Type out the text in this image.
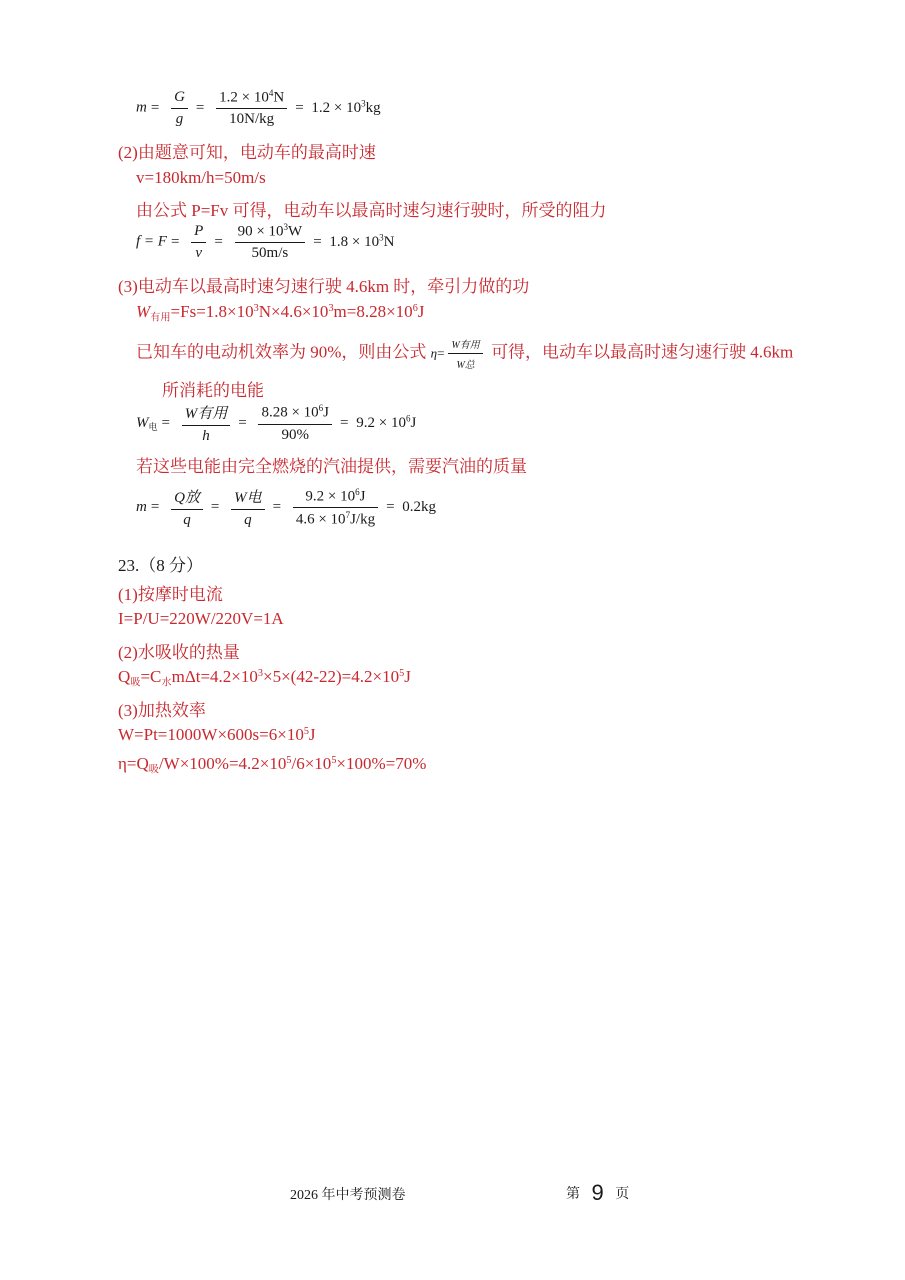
$m = \frac{G}{g} = \frac{1.2 \times 10^4N}{10N/kg} = 1.2 \times 10^3kg$
(2)由题意可知，电动车的最高时速
v=180km/h=50m/s
由公式 P=Fv 可得，电动车以最高时速匀速行驶时，所受的阻力
$f = F = \frac{P}{v} = \frac{90 \times 10^3W}{50m/s} = 1.8 \times 10^3N$
(3)电动车以最高时速匀速行驶 4.6km 时，牵引力做的功
$W_{有用}=Fs=1.8\times 10^3N\times 4.6\times 10^3m=8.28\times 10^6J$
已知车的电动机效率为 90%，则由公式 $\eta= \frac{\text{W有用}}{\text{W总}}$ 可得，电动车以最高时速匀速行驶 4.6km
所消耗的电能
$W_电 = \frac{\text{W有用}}{h} = \frac{8.28 \times 10^6J}{90\%} = 9.2 \times 10^6J$
若这些电能由完全燃烧的汽油提供，需要汽油的质量
$m = \frac{\text{Q放}}{q} = \frac{\text{W电}}{q} = \frac{9.2 \times 10^6J}{4.6 \times 10^7J/kg} = 0.2kg$
23.（8 分）
(1)按摩时电流
I=P/U=220W/220V=1A
(2)水吸收的热量
$Q_吸=C_水m\Delta t=4.2\times 10^3\times 5\times(42-22)=4.2\times 10^5J$
(3)加热效率
$W=Pt=1000W\times 600s=6\times 10^5J$
$\eta=Q_吸/W\times 100\%=4.2\times 10^5/6\times 10^5\times 100\%=70\%$
2026 年中考预测卷	第 9 页
